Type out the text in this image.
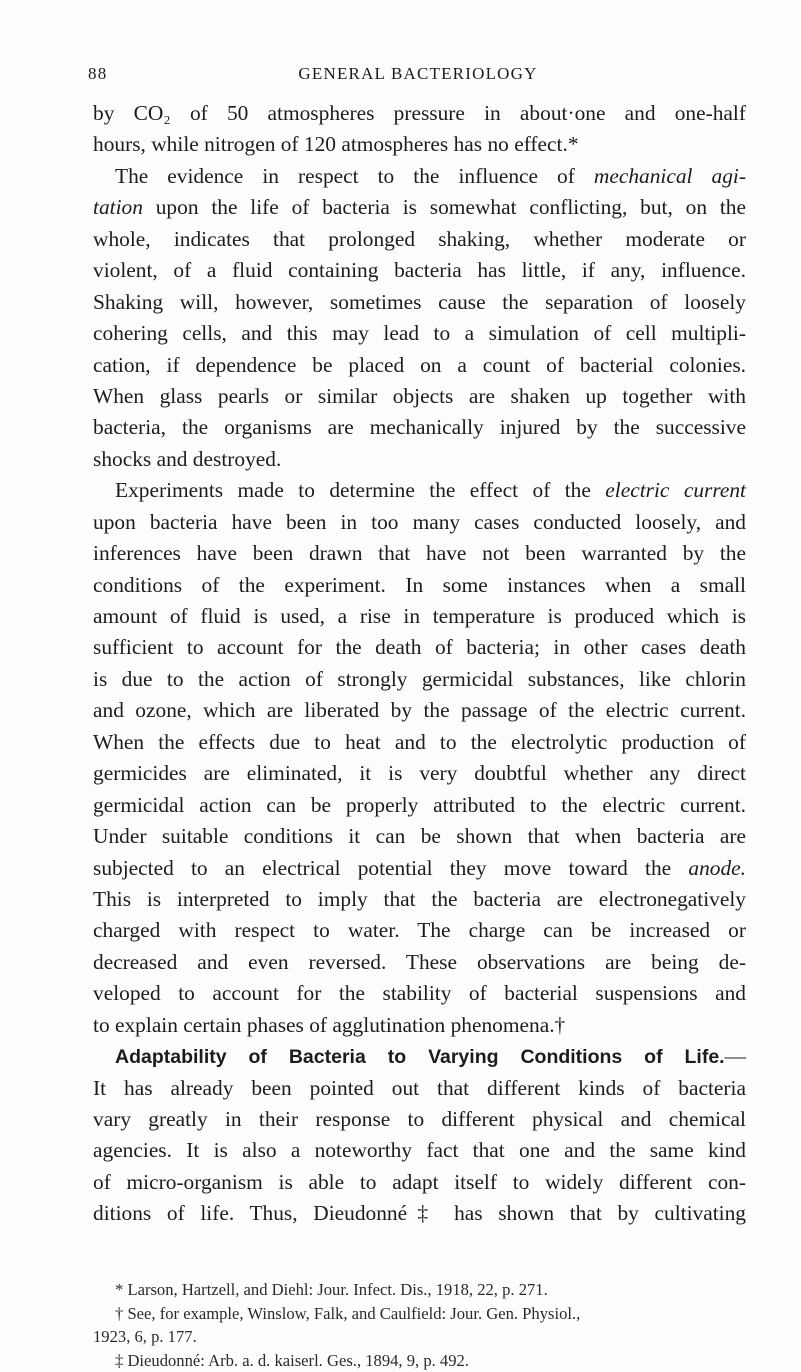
88	GENERAL BACTERIOLOGY
by CO₂ of 50 atmospheres pressure in about·one and one-half
hours, while nitrogen of 120 atmospheres has no effect.*
The evidence in respect to the influence of mechanical agi-
tation upon the life of bacteria is somewhat conflicting, but, on the
whole, indicates that prolonged shaking, whether moderate or
violent, of a fluid containing bacteria has little, if any, influence.
Shaking will, however, sometimes cause the separation of loosely
cohering cells, and this may lead to a simulation of cell multipli-
cation, if dependence be placed on a count of bacterial colonies.
When glass pearls or similar objects are shaken up together with
bacteria, the organisms are mechanically injured by the successive
shocks and destroyed.
Experiments made to determine the effect of the electric current
upon bacteria have been in too many cases conducted loosely, and
inferences have been drawn that have not been warranted by the
conditions of the experiment. In some instances when a small
amount of fluid is used, a rise in temperature is produced which is
sufficient to account for the death of bacteria; in other cases death
is due to the action of strongly germicidal substances, like chlorin
and ozone, which are liberated by the passage of the electric current.
When the effects due to heat and to the electrolytic production of
germicides are eliminated, it is very doubtful whether any direct
germicidal action can be properly attributed to the electric current.
Under suitable conditions it can be shown that when bacteria are
subjected to an electrical potential they move toward the anode.
This is interpreted to imply that the bacteria are electronegatively
charged with respect to water. The charge can be increased or
decreased and even reversed. These observations are being de-
veloped to account for the stability of bacterial suspensions and
to explain certain phases of agglutination phenomena.†
Adaptability of Bacteria to Varying Conditions of Life.—
It has already been pointed out that different kinds of bacteria
vary greatly in their response to different physical and chemical
agencies. It is also a noteworthy fact that one and the same kind
of micro-organism is able to adapt itself to widely different con-
ditions of life. Thus, Dieudonné‡ has shown that by cultivating
* Larson, Hartzell, and Diehl: Jour. Infect. Dis., 1918, 22, p. 271.
† See, for example, Winslow, Falk, and Caulfield: Jour. Gen. Physiol.,
1923, 6, p. 177.
‡ Dieudonné: Arb. a. d. kaiserl. Ges., 1894, 9, p. 492.
